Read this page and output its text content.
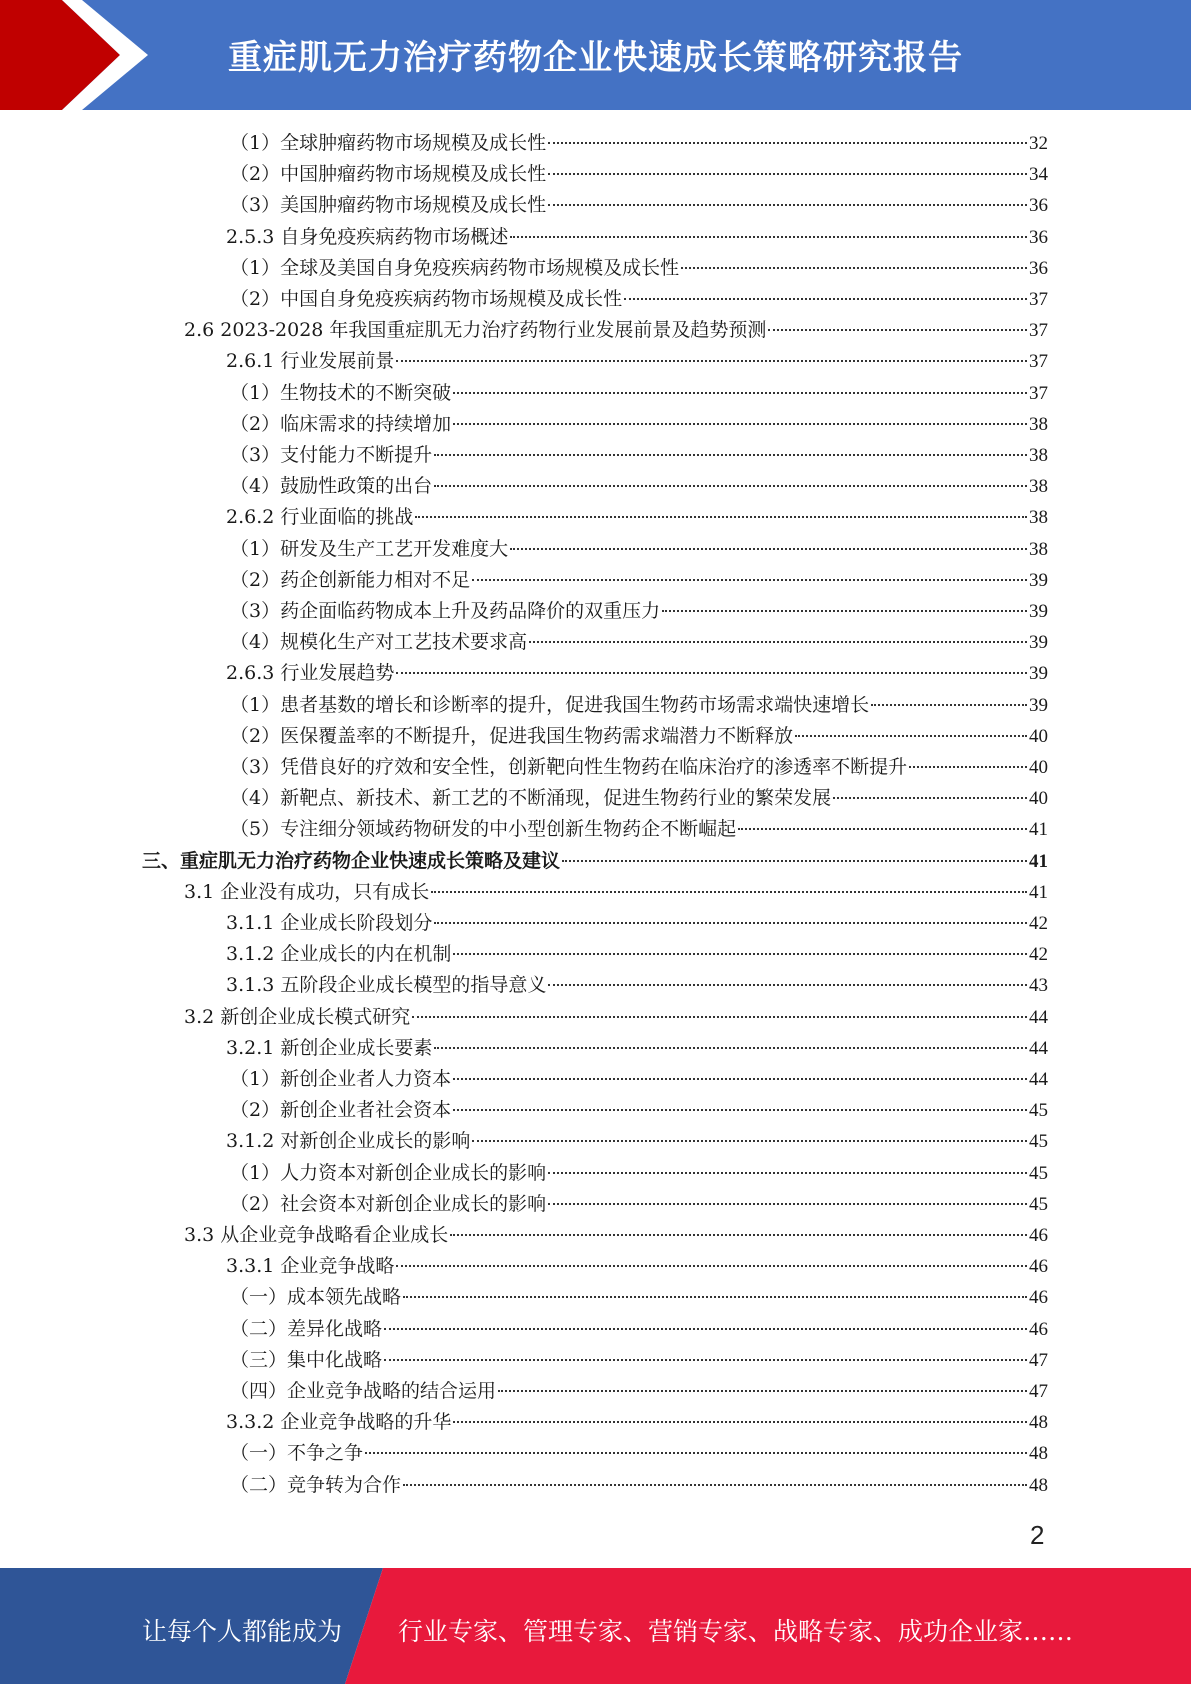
重症肌无力治疗药物企业快速成长策略研究报告
（1）全球肿瘤药物市场规模及成长性	32
（2）中国肿瘤药物市场规模及成长性	34
（3）美国肿瘤药物市场规模及成长性	36
2.5.3 自身免疫疾病药物市场概述	36
（1）全球及美国自身免疫疾病药物市场规模及成长性	36
（2）中国自身免疫疾病药物市场规模及成长性	37
2.6 2023-2028 年我国重症肌无力治疗药物行业发展前景及趋势预测	37
2.6.1 行业发展前景	37
（1）生物技术的不断突破	37
（2）临床需求的持续增加	38
（3）支付能力不断提升	38
（4）鼓励性政策的出台	38
2.6.2 行业面临的挑战	38
（1）研发及生产工艺开发难度大	38
（2）药企创新能力相对不足	39
（3）药企面临药物成本上升及药品降价的双重压力	39
（4）规模化生产对工艺技术要求高	39
2.6.3 行业发展趋势	39
（1）患者基数的增长和诊断率的提升，促进我国生物药市场需求端快速增长	39
（2）医保覆盖率的不断提升，促进我国生物药需求端潜力不断释放	40
（3）凭借良好的疗效和安全性，创新靶向性生物药在临床治疗的渗透率不断提升	40
（4）新靶点、新技术、新工艺的不断涌现，促进生物药行业的繁荣发展	40
（5）专注细分领域药物研发的中小型创新生物药企不断崛起	41
三、重症肌无力治疗药物企业快速成长策略及建议	41
3.1 企业没有成功，只有成长	41
3.1.1 企业成长阶段划分	42
3.1.2 企业成长的内在机制	42
3.1.3 五阶段企业成长模型的指导意义	43
3.2 新创企业成长模式研究	44
3.2.1 新创企业成长要素	44
（1）新创企业者人力资本	44
（2）新创企业者社会资本	45
3.1.2 对新创企业成长的影响	45
（1）人力资本对新创企业成长的影响	45
（2）社会资本对新创企业成长的影响	45
3.3 从企业竞争战略看企业成长	46
3.3.1 企业竞争战略	46
（一）成本领先战略	46
（二）差异化战略	46
（三）集中化战略	47
（四）企业竞争战略的结合运用	47
3.3.2 企业竞争战略的升华	48
（一）不争之争	48
（二）竞争转为合作	48
2
让每个人都能成为 行业专家、管理专家、营销专家、战略专家、成功企业家……
